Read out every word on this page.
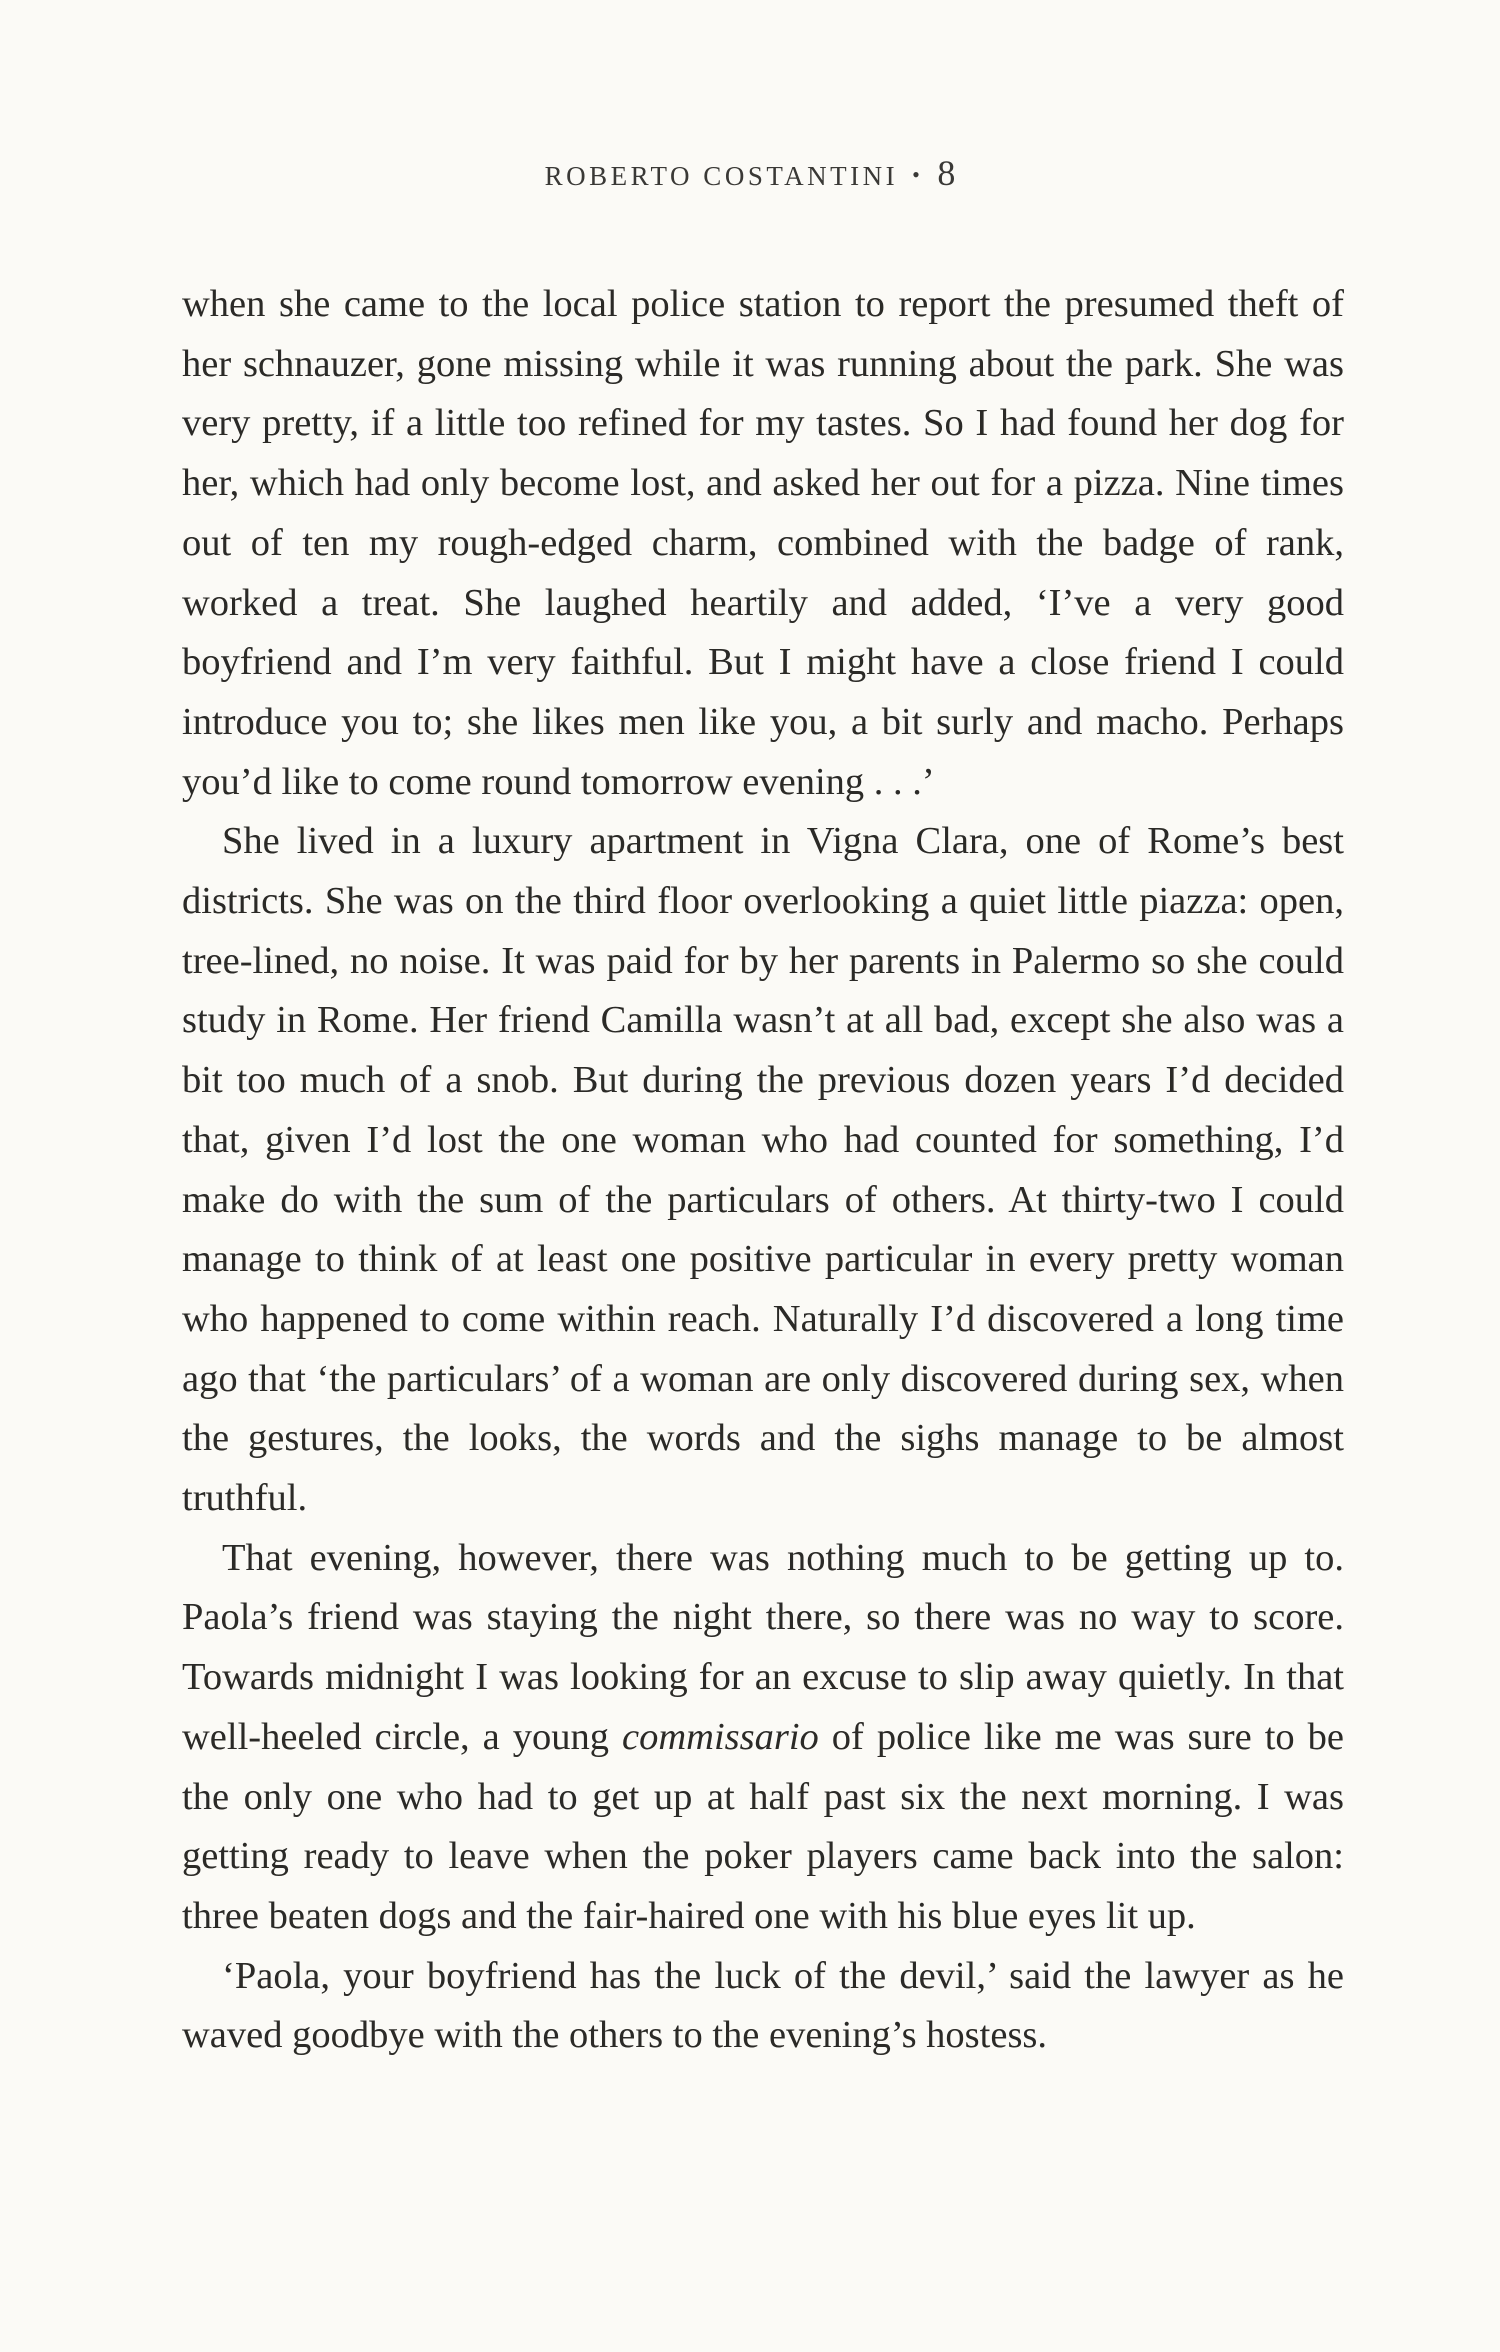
ROBERTO COSTANTINI • 8

when she came to the local police station to report the presumed theft of her schnauzer, gone missing while it was running about the park. She was very pretty, if a little too refined for my tastes. So I had found her dog for her, which had only become lost, and asked her out for a pizza. Nine times out of ten my rough-edged charm, combined with the badge of rank, worked a treat. She laughed heartily and added, ‘I’ve a very good boyfriend and I’m very faithful. But I might have a close friend I could introduce you to; she likes men like you, a bit surly and macho. Perhaps you’d like to come round tomorrow evening . . .’

She lived in a luxury apartment in Vigna Clara, one of Rome’s best districts. She was on the third floor overlooking a quiet little piazza: open, tree-lined, no noise. It was paid for by her parents in Palermo so she could study in Rome. Her friend Camilla wasn’t at all bad, except she also was a bit too much of a snob. But during the previous dozen years I’d decided that, given I’d lost the one woman who had counted for something, I’d make do with the sum of the particulars of others. At thirty-two I could manage to think of at least one positive particular in every pretty woman who happened to come within reach. Naturally I’d discovered a long time ago that ‘the particulars’ of a woman are only discovered during sex, when the gestures, the looks, the words and the sighs manage to be almost truthful.

That evening, however, there was nothing much to be getting up to. Paola’s friend was staying the night there, so there was no way to score. Towards midnight I was looking for an excuse to slip away quietly. In that well-heeled circle, a young commissario of police like me was sure to be the only one who had to get up at half past six the next morning. I was getting ready to leave when the poker players came back into the salon: three beaten dogs and the fair-haired one with his blue eyes lit up.

‘Paola, your boyfriend has the luck of the devil,’ said the lawyer as he waved goodbye with the others to the evening’s hostess.
